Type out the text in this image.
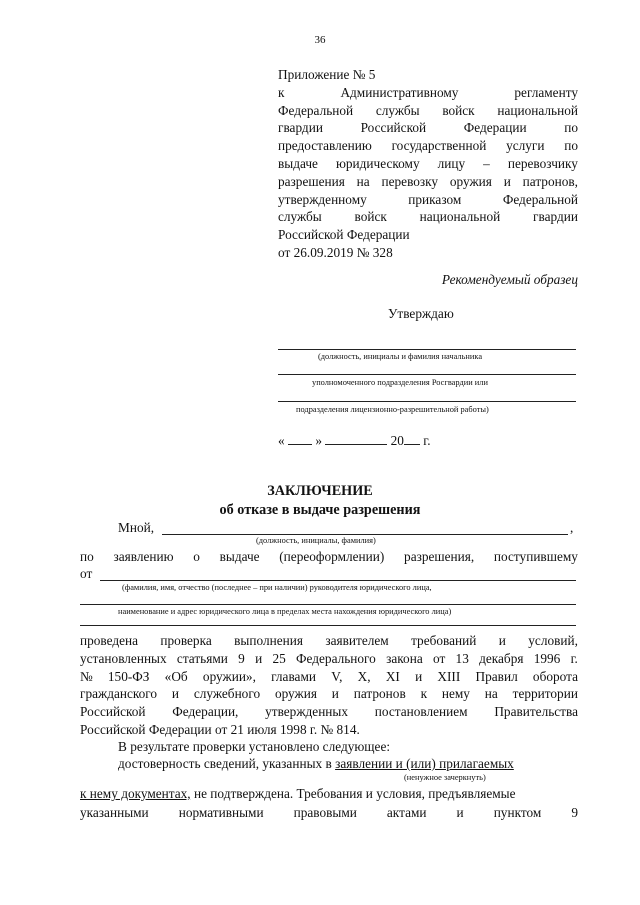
36
Приложение № 5
к	Административному	регламенту
Федеральной службы войск национальной
гвардии	Российской	Федерации	по
предоставлению государственной услуги по
выдаче юридическому лицу – перевозчику
разрешения на перевозку оружия и патронов,
утвержденному	приказом	Федеральной
службы войск национальной гвардии
Российской Федерации
от 26.09.2019 № 328
Рекомендуемый образец
Утверждаю
(должность, инициалы и фамилия начальника
уполномоченного подразделения Росгвардии или
подразделения лицензионно-разрешительной работы)
« »	20 г.
ЗАКЛЮЧЕНИЕ
об отказе в выдаче разрешения
Мной,	,
(должность, инициалы, фамилия)
по заявлению о выдаче (переоформлении) разрешения, поступившему
от
(фамилия, имя, отчество (последнее – при наличии) руководителя юридического лица,
наименование и адрес юридического лица в пределах места нахождения юридического лица)
проведена проверка выполнения заявителем требований и условий,
установленных статьями 9 и 25 Федерального закона от 13 декабря 1996 г.
№ 150-ФЗ «Об оружии», главами V, X, XI и XIII Правил оборота
гражданского и служебного оружия и патронов к нему на территории
Российской Федерации, утвержденных постановлением Правительства
Российской Федерации от 21 июля 1998 г. № 814.
В результате проверки установлено следующее:
достоверность сведений, указанных в заявлении и (или) прилагаемых
(ненужное зачеркнуть)
к нему документах, не подтверждена. Требования и условия, предъявляемые
указанными нормативными правовыми актами и пунктом 9
